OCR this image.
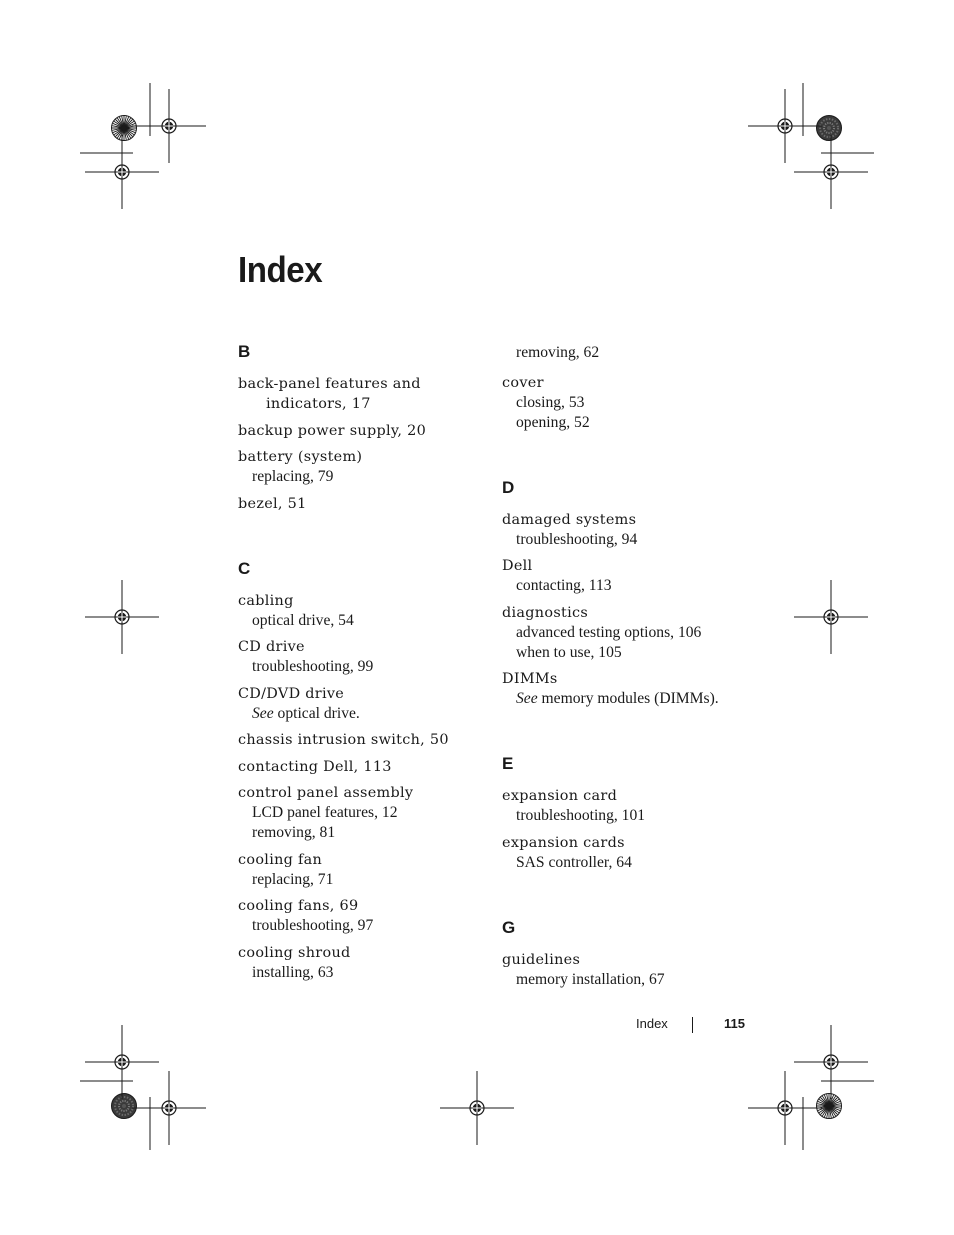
Index
B
back-panel features and
indicators, 17
backup power supply, 20
battery (system)
replacing, 79
bezel, 51
C
cabling
optical drive, 54
CD drive
troubleshooting, 99
CD/DVD drive
See optical drive.
chassis intrusion switch, 50
contacting Dell, 113
control panel assembly
LCD panel features, 12
removing, 81
cooling fan
replacing, 71
cooling fans, 69
troubleshooting, 97
cooling shroud
installing, 63
removing, 62
cover
closing, 53
opening, 52
D
damaged systems
troubleshooting, 94
Dell
contacting, 113
diagnostics
advanced testing options, 106
when to use, 105
DIMMs
See memory modules (DIMMs).
E
expansion card
troubleshooting, 101
expansion cards
SAS controller, 64
G
guidelines
memory installation, 67
Index	115
